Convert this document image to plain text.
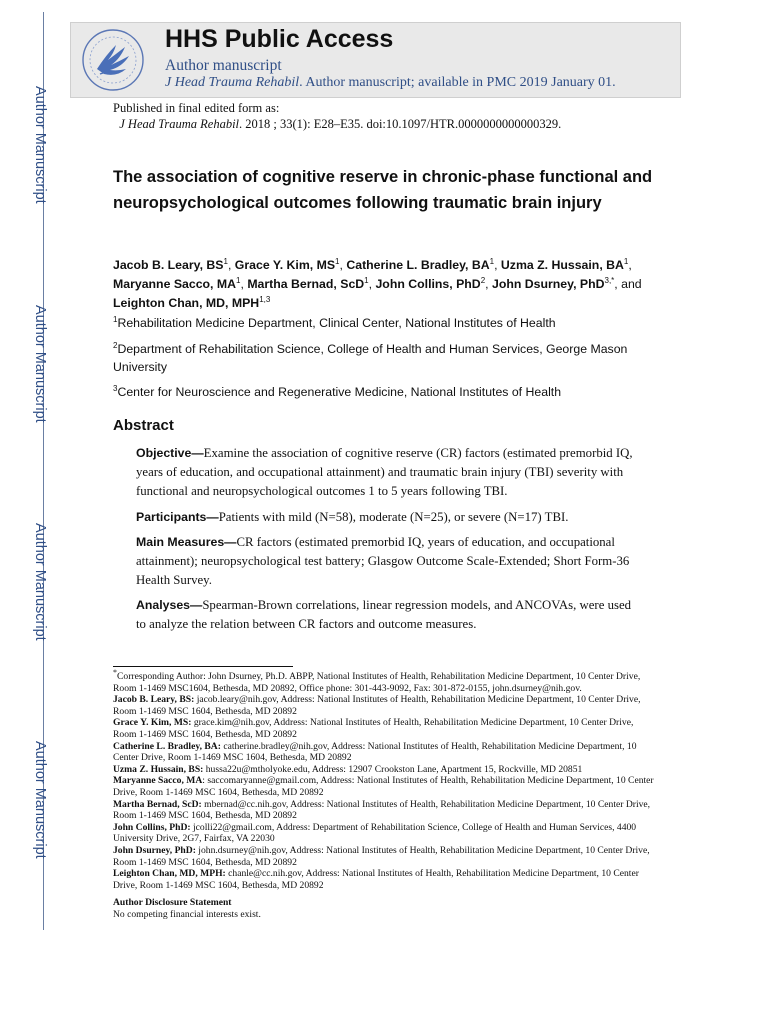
Author Manuscript
Author Manuscript
Author Manuscript
Author Manuscript
HHS Public Access
Author manuscript
J Head Trauma Rehabil. Author manuscript; available in PMC 2019 January 01.
Published in final edited form as:
J Head Trauma Rehabil. 2018 ; 33(1): E28–E35. doi:10.1097/HTR.0000000000000329.
The association of cognitive reserve in chronic-phase functional and neuropsychological outcomes following traumatic brain injury
Jacob B. Leary, $BS^1$, Grace Y. Kim, $MS^1$, Catherine L. Bradley, $BA^1$, Uzma Z. Hussain, $BA^1$, Maryanne Sacco, $MA^1$, Martha Bernad, ScD$^1$, John Collins, PhD$^2$, John Dsurney, PhD$^{3,*}$, and Leighton Chan, MD, MPH$^{1,3}$
$^1$Rehabilitation Medicine Department, Clinical Center, National Institutes of Health
$^2$Department of Rehabilitation Science, College of Health and Human Services, George Mason University
$^3$Center for Neuroscience and Regenerative Medicine, National Institutes of Health
Abstract
Objective—Examine the association of cognitive reserve (CR) factors (estimated premorbid IQ, years of education, and occupational attainment) and traumatic brain injury (TBI) severity with functional and neuropsychological outcomes 1 to 5 years following TBI.
Participants—Patients with mild (N=58), moderate (N=25), or severe (N=17) TBI.
Main Measures—CR factors (estimated premorbid IQ, years of education, and occupational attainment); neuropsychological test battery; Glasgow Outcome Scale-Extended; Short Form-36 Health Survey.
Analyses—Spearman-Brown correlations, linear regression models, and ANCOVAs, were used to analyze the relation between CR factors and outcome measures.

*Corresponding Author: John Dsurney, Ph.D. ABPP, National Institutes of Health, Rehabilitation Medicine Department, 10 Center Drive, Room 1-1469 MSC1604, Bethesda, MD 20892, Office phone: 301-443-9092, Fax: 301-872-0155, john.dsurney@nih.gov.

Jacob B. Leary, BS: jacob.leary@nih.gov, Address: National Institutes of Health, Rehabilitation Medicine Department, 10 Center Drive, Room 1-1469 MSC 1604, Bethesda, MD 20892

Grace Y. Kim, MS: grace.kim@nih.gov, Address: National Institutes of Health, Rehabilitation Medicine Department, 10 Center Drive, Room 1-1469 MSC 1604, Bethesda, MD 20892

Catherine L. Bradley, BA: catherine.bradley@nih.gov, Address: National Institutes of Health, Rehabilitation Medicine Department, 10 Center Drive, Room 1-1469 MSC 1604, Bethesda, MD 20892

Uzma Z. Hussain, BS: hussa22u@mtholyoke.edu, Address: 12907 Crookston Lane, Apartment 15, Rockville, MD 20851

Maryanne Sacco, MA: saccomaryanne@gmail.com, Address: National Institutes of Health, Rehabilitation Medicine Department, 10 Center Drive, Room 1-1469 MSC 1604, Bethesda, MD 20892

Martha Bernad, ScD: mbernad@cc.nih.gov, Address: National Institutes of Health, Rehabilitation Medicine Department, 10 Center Drive, Room 1-1469 MSC 1604, Bethesda, MD 20892

John Collins, PhD: jcolli22@gmail.com, Address: Department of Rehabilitation Science, College of Health and Human Services, 4400 University Drive, 2G7, Fairfax, VA 22030

John Dsurney, PhD: john.dsurney@nih.gov, Address: National Institutes of Health, Rehabilitation Medicine Department, 10 Center Drive, Room 1-1469 MSC 1604, Bethesda, MD 20892

Leighton Chan, MD, MPH: chanle@cc.nih.gov, Address: National Institutes of Health, Rehabilitation Medicine Department, 10 Center Drive, Room 1-1469 MSC 1604, Bethesda, MD 20892

Author Disclosure Statement

No competing financial interests exist.
